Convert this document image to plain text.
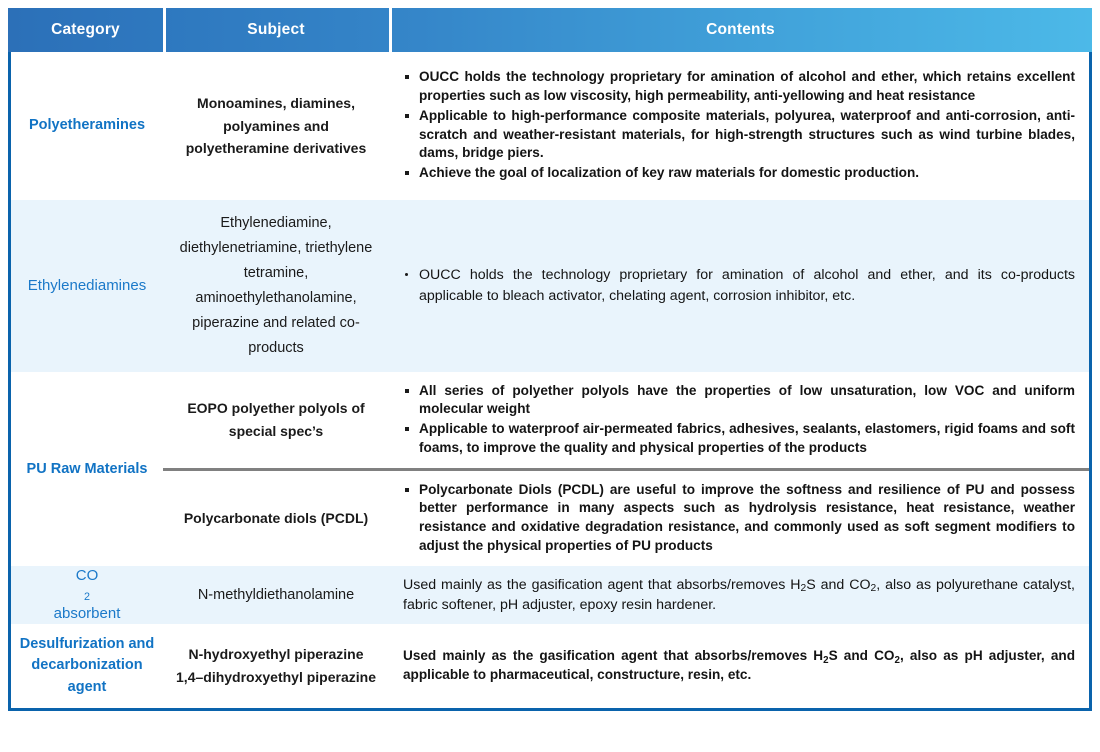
Category	Subject	Contents
Polyetheramines
Monoamines, diamines, polyamines and polyetheramine derivatives
OUCC holds the technology proprietary for amination of alcohol and ether, which retains excellent properties such as low viscosity, high permeability, anti-yellowing and heat resistance
Applicable to high-performance composite materials, polyurea, waterproof and anti-corrosion, anti-scratch and weather-resistant materials, for high-strength structures such as wind turbine blades, dams, bridge piers.
Achieve the goal of localization of key raw materials for domestic production.
Ethylenediamines
Ethylenediamine, diethylenetriamine, triethylene tetramine, aminoethylethanolamine, piperazine and related co-products
OUCC holds the technology proprietary for amination of alcohol and ether, and its co-products applicable to bleach activator, chelating agent, corrosion inhibitor, etc.
PU Raw Materials
EOPO polyether polyols of special spec’s
All series of polyether polyols have the properties of low unsaturation, low VOC and uniform molecular weight
Applicable to waterproof air-permeated fabrics, adhesives, sealants, elastomers, rigid foams and soft foams, to improve the quality and physical properties of the products
Polycarbonate diols (PCDL)
Polycarbonate Diols (PCDL) are useful to improve the softness and resilience of PU and possess better performance in many aspects such as hydrolysis resistance, heat resistance, weather resistance and oxidative degradation resistance, and commonly used as soft segment modifiers to adjust the physical properties of PU products
CO
$_2$
absorbent
N-methyldiethanolamine

Used mainly as the gasification agent that absorbs/removes $H_2S$ and $CO_2$, also as polyurethane catalyst, fabric softener, pH adjuster, epoxy resin hardener.

Desulfurization and decarbonization agent
N-hydroxyethyl piperazine 1,4–dihydroxyethyl piperazine

Used mainly as the gasification agent that absorbs/removes $H_2S$ and $CO_2$, also as pH adjuster, and applicable to pharmaceutical, constructure, resin, etc.
